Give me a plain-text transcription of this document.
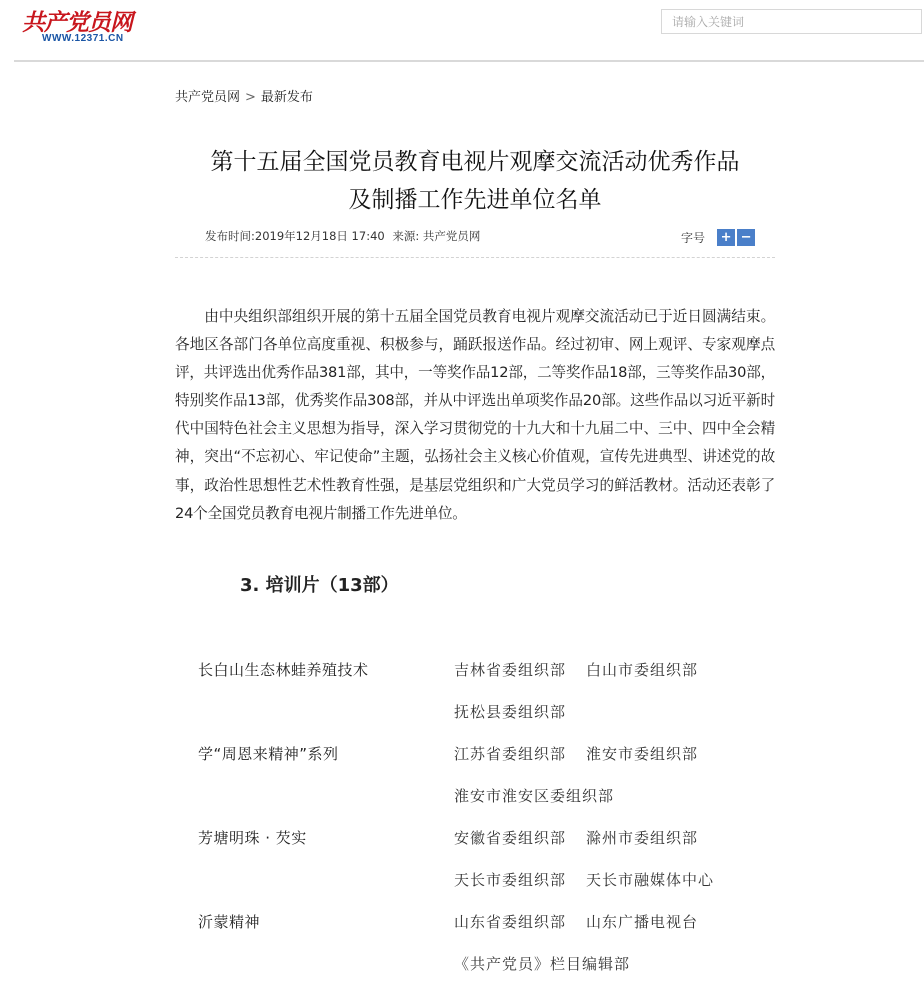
共产党员网
WWW.12371.CN
请输入关键词
共产党员网 > 最新发布
第十五届全国党员教育电视片观摩交流活动优秀作品
及制播工作先进单位名单
发布时间:2019年12月18日 17:40 来源: 共产党员网	字号 + −

由中央组织部组织开展的第十五届全国党员教育电视片观摩交流活动已于近日圆满结束。各地区各部门各单位高度重视、积极参与，踊跃报送作品。经过初审、网上观评、专家观摩点评，共评选出优秀作品381部，其中，一等奖作品12部，二等奖作品18部，三等奖作品30部，特别奖作品13部，优秀奖作品308部，并从中评选出单项奖作品20部。这些作品以习近平新时代中国特色社会主义思想为指导，深入学习贯彻党的十九大和十九届二中、三中、四中全会精神，突出“不忘初心、牢记使命”主题，弘扬社会主义核心价值观，宣传先进典型、讲述党的故事，政治性思想性艺术性教育性强，是基层党组织和广大党员学习的鲜活教材。活动还表彰了24个全国党员教育电视片制播工作先进单位。

3. 培训片（13部）
长白山生态林蛙养殖技术	吉林省委组织部 白山市委组织部
抚松县委组织部
学“周恩来精神”系列	江苏省委组织部 淮安市委组织部
淮安市淮安区委组织部
芳塘明珠 · 芡实	安徽省委组织部 滁州市委组织部
天长市委组织部 天长市融媒体中心
沂蒙精神	山东省委组织部 山东广播电视台
《共产党员》栏目编辑部
